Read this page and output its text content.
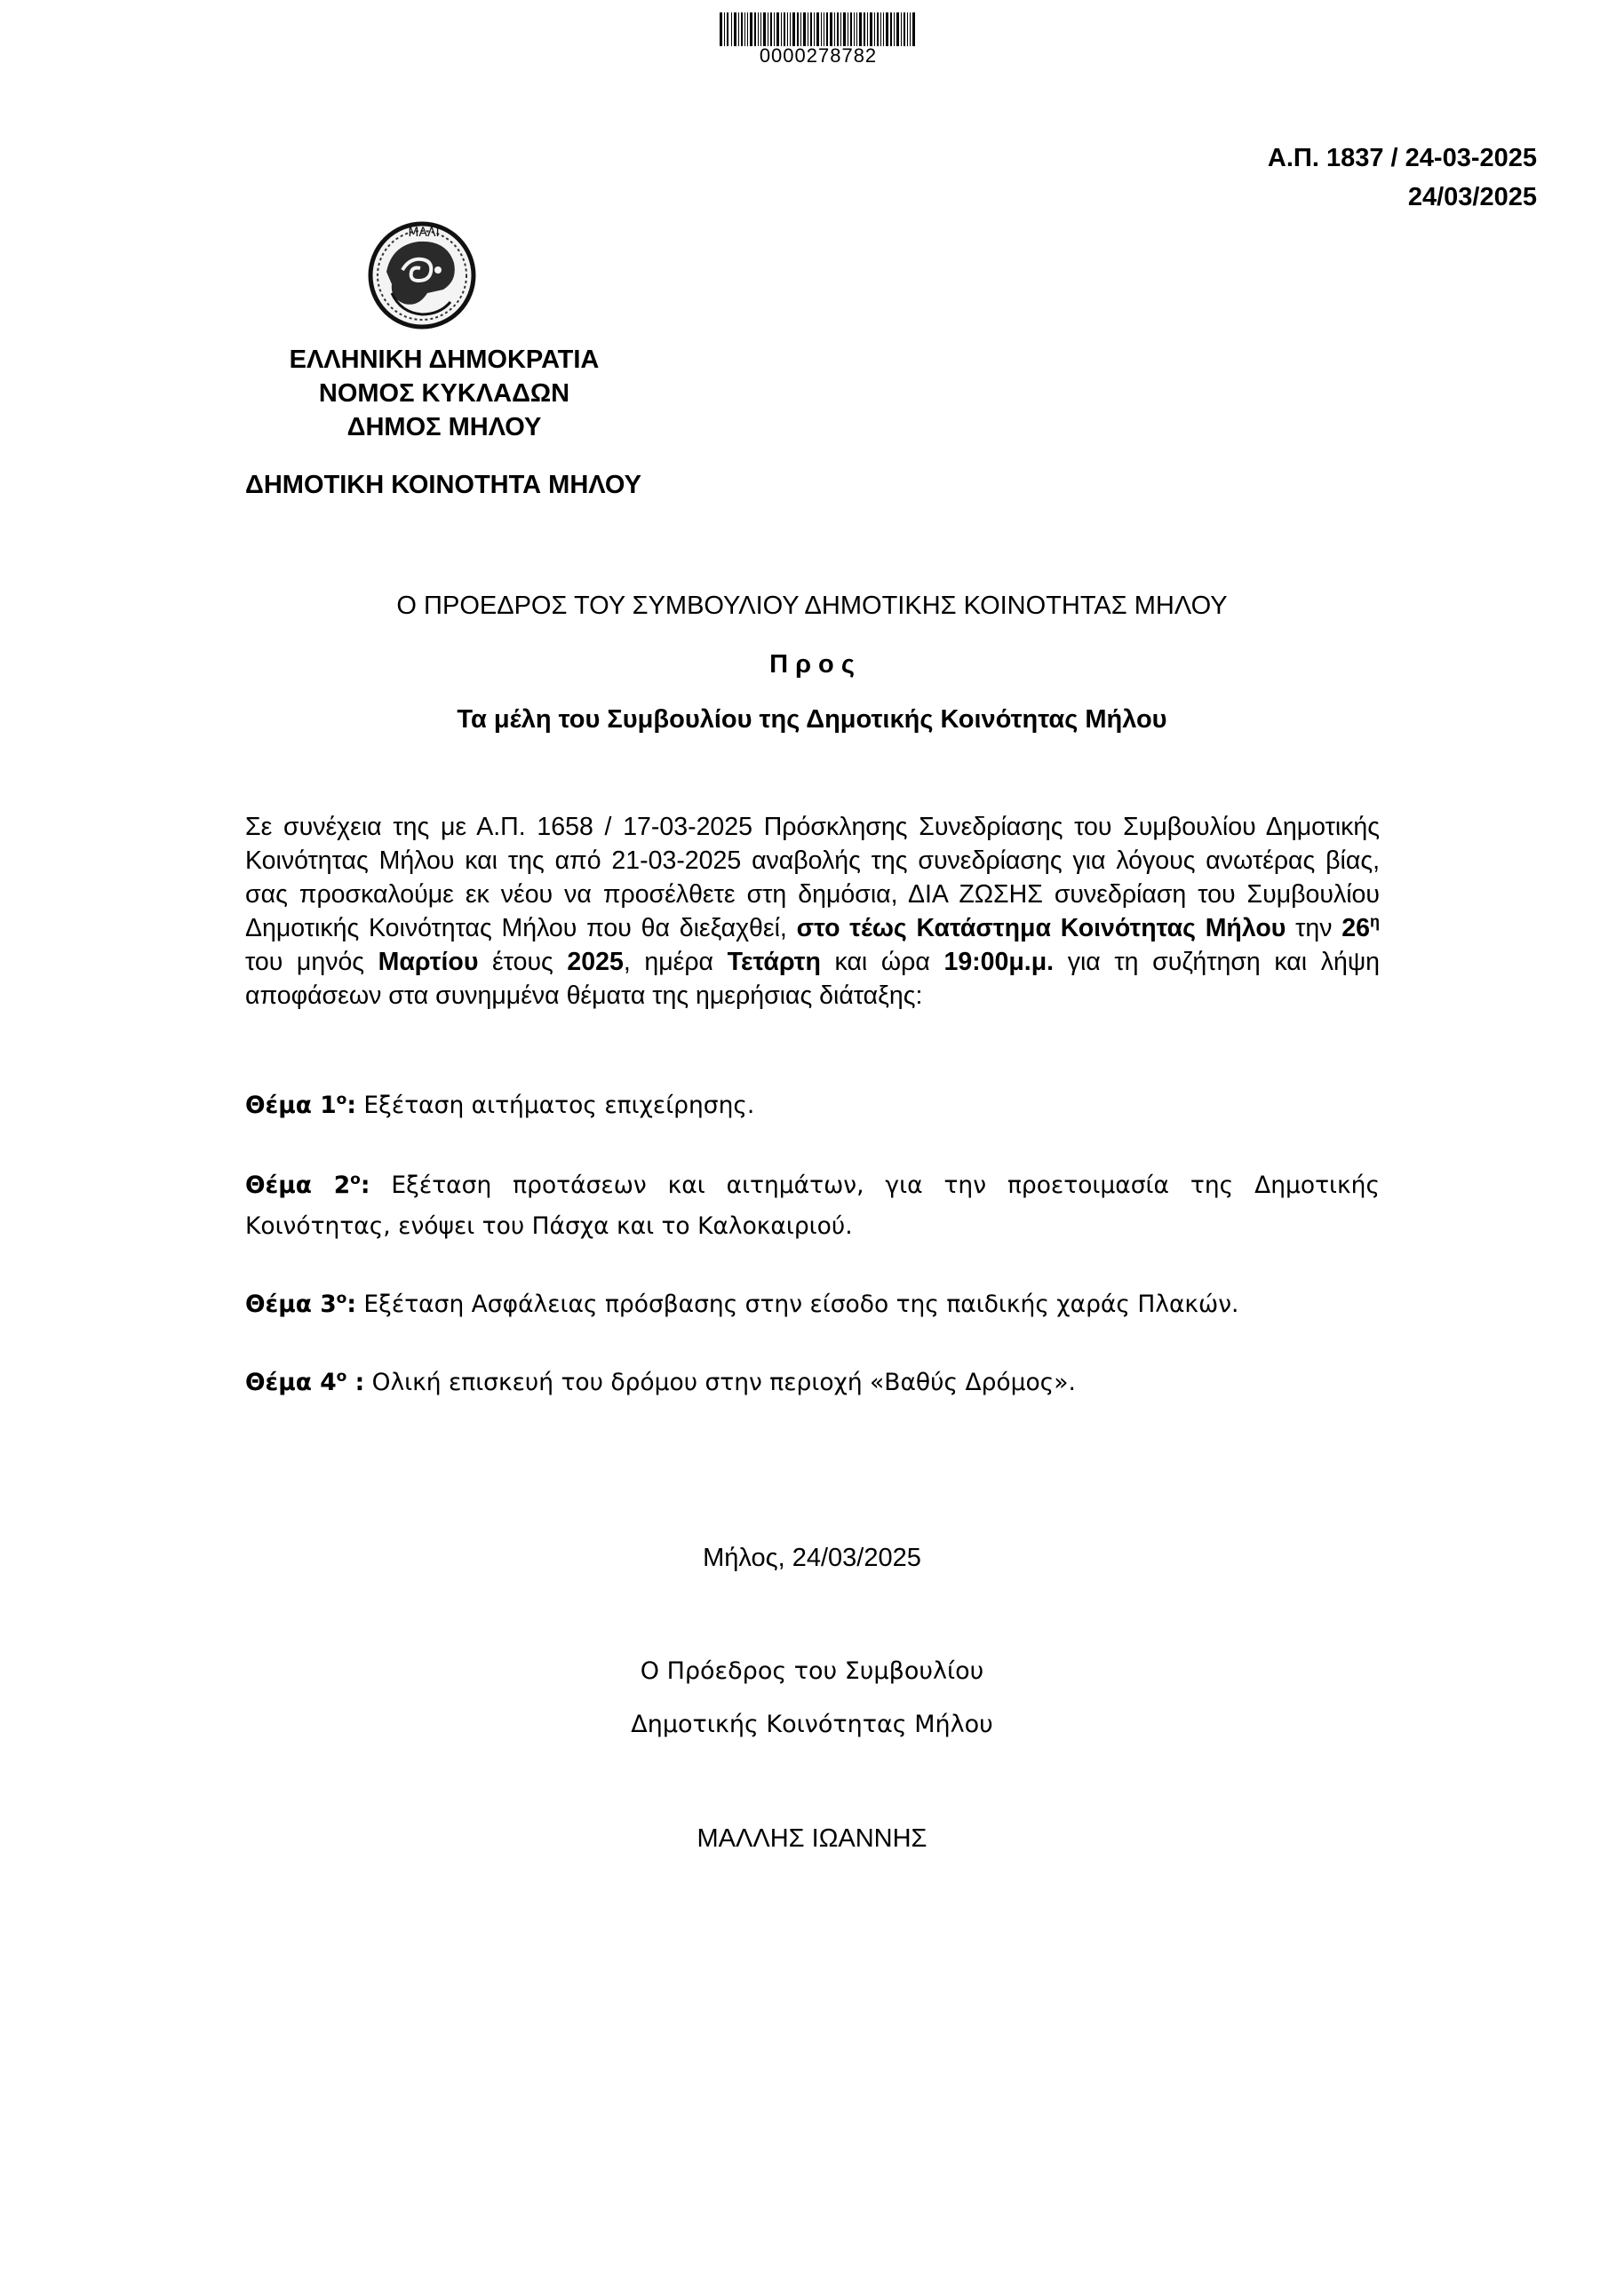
0000278782
Α.Π. 1837 / 24-03-2025
24/03/2025
ΜΑΛΙ
ΕΛΛΗΝΙΚΗ ΔΗΜΟΚΡΑΤΙΑ
ΝΟΜΟΣ ΚΥΚΛΑΔΩΝ
ΔΗΜΟΣ ΜΗΛΟΥ
ΔΗΜΟΤΙΚΗ ΚΟΙΝΟΤΗΤΑ ΜΗΛΟΥ
Ο ΠΡΟΕΔΡΟΣ ΤΟΥ ΣΥΜΒΟΥΛΙΟΥ ΔΗΜΟΤΙΚΗΣ ΚΟΙΝΟΤΗΤΑΣ ΜΗΛΟΥ
Π ρ ο ς
Τα μέλη του Συμβουλίου της Δημοτικής Κοινότητας Μήλου
Σε συνέχεια της με Α.Π. 1658 / 17-03-2025 Πρόσκλησης Συνεδρίασης του Συμβουλίου Δημοτικής Κοινότητας Μήλου και της από 21-03-2025 αναβολής της συνεδρίασης για λόγους ανωτέρας βίας, σας προσκαλούμε εκ νέου να προσέλθετε στη δημόσια, ΔΙΑ ΖΩΣΗΣ συνεδρίαση του Συμβουλίου Δημοτικής Κοινότητας Μήλου που θα διεξαχθεί, στο τέως Κατάστημα Κοινότητας Μήλου την $26^\eta$ του μηνός Μαρτίου έτους 2025, ημέρα Τετάρτη και ώρα 19:00μ.μ. για τη συζήτηση και λήψη αποφάσεων στα συνημμένα θέματα της ημερήσιας διάταξης:
Θέμα $1^o$: Εξέταση αιτήματος επιχείρησης.
Θέμα $2^o$: Εξέταση προτάσεων και αιτημάτων, για την προετοιμασία της Δημοτικής Κοινότητας, ενόψει του Πάσχα και το Καλοκαιριού.
Θέμα $3^o$: Εξέταση Ασφάλειας πρόσβασης στην είσοδο της παιδικής χαράς Πλακών.
Θέμα $4^o$ : Ολική επισκευή του δρόμου στην περιοχή «Βαθύς Δρόμος».
Μήλος, 24/03/2025
Ο Πρόεδρος του Συμβουλίου
Δημοτικής Κοινότητας Μήλου
ΜΑΛΛΗΣ ΙΩΑΝΝΗΣ
